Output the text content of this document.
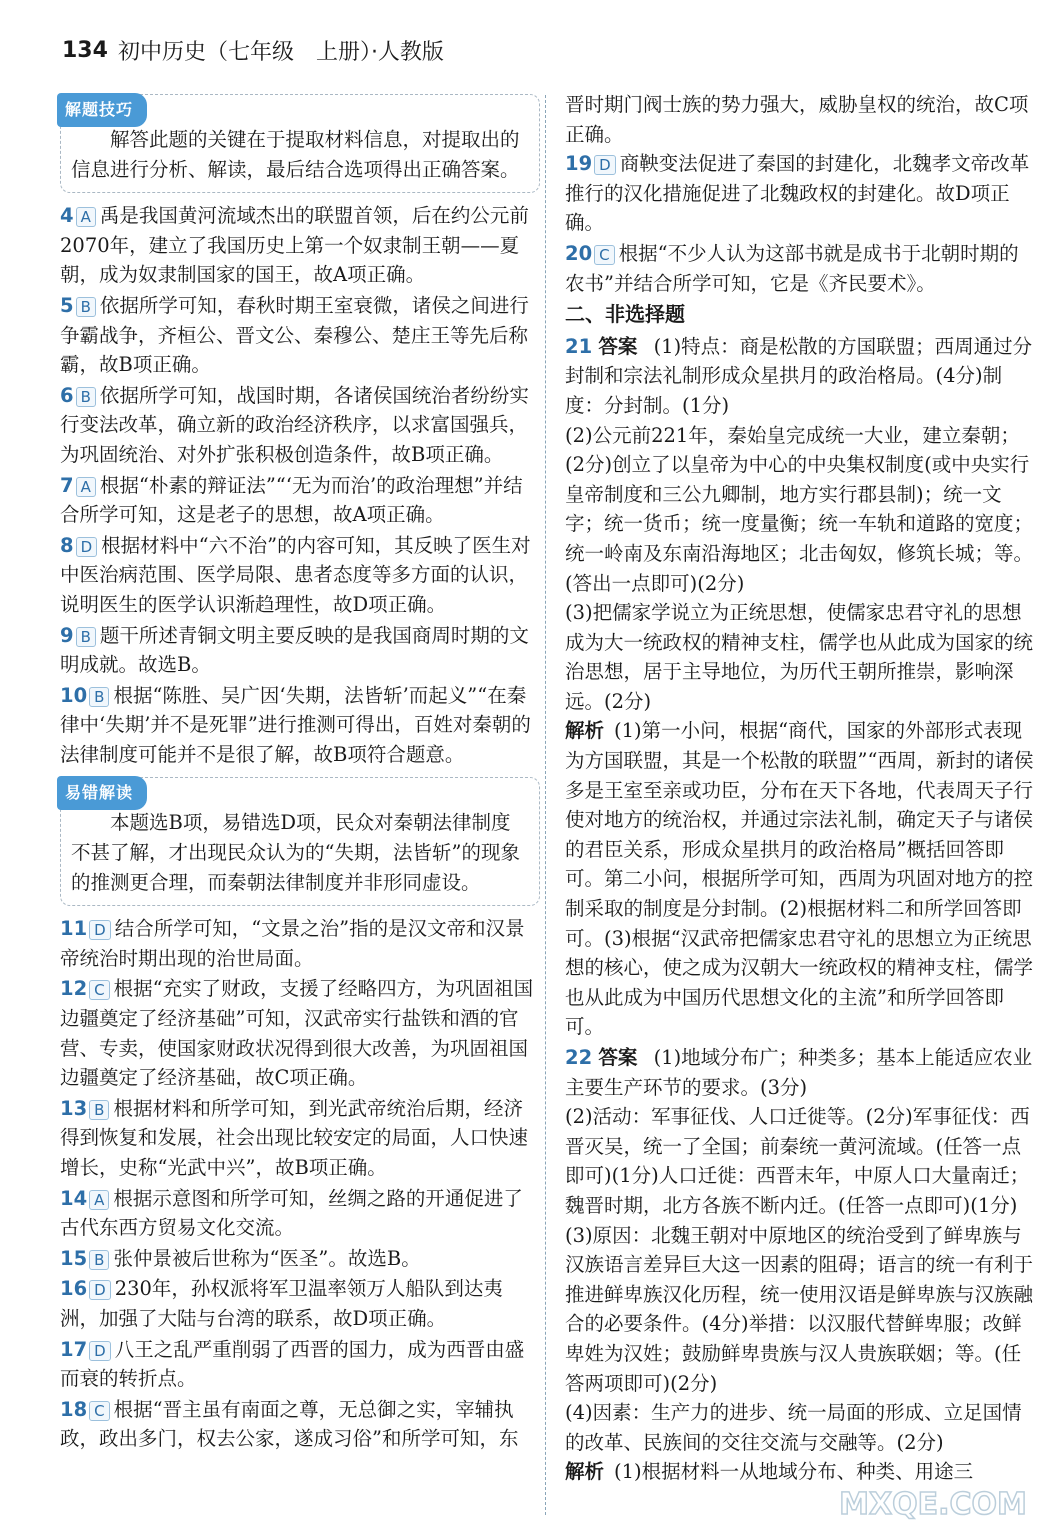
134 初中历史（七年级　上册）·人教版
解题技巧

解答此题的关键在于提取材料信息，对提取出的信息进行分析、解读，最后结合选项得出正确答案。

4 A 禹是我国黄河流域杰出的联盟首领，后在约公元前2070年，建立了我国历史上第一个奴隶制王朝——夏朝，成为奴隶制国家的国王，故A项正确。
5 B 依据所学可知，春秋时期王室衰微，诸侯之间进行争霸战争，齐桓公、晋文公、秦穆公、楚庄王等先后称霸，故B项正确。
6 B 依据所学可知，战国时期，各诸侯国统治者纷纷实行变法改革，确立新的政治经济秩序，以求富国强兵，为巩固统治、对外扩张积极创造条件，故B项正确。
7 A 根据“朴素的辩证法”“‘无为而治’的政治理想”并结合所学可知，这是老子的思想，故A项正确。
8 D 根据材料中“六不治”的内容可知，其反映了医生对中医治病范围、医学局限、患者态度等多方面的认识，说明医生的医学认识渐趋理性，故D项正确。
9 B 题干所述青铜文明主要反映的是我国商周时期的文明成就。故选B。
10 B 根据“陈胜、吴广因‘失期，法皆斩’而起义”“在秦律中‘失期’并不是死罪”进行推测可得出，百姓对秦朝的法律制度可能并不是很了解，故B项符合题意。
易错解读

本题选B项，易错选D项，民众对秦朝法律制度不甚了解，才出现民众认为的“失期，法皆斩”的现象的推测更合理，而秦朝法律制度并非形同虚设。

11 D 结合所学可知，“文景之治”指的是汉文帝和汉景帝统治时期出现的治世局面。
12 C 根据“充实了财政，支援了经略四方，为巩固祖国边疆奠定了经济基础”可知，汉武帝实行盐铁和酒的官营、专卖，使国家财政状况得到很大改善，为巩固祖国边疆奠定了经济基础，故C项正确。
13 B 根据材料和所学可知，到光武帝统治后期，经济得到恢复和发展，社会出现比较安定的局面，人口快速增长，史称“光武中兴”，故B项正确。
14 A 根据示意图和所学可知，丝绸之路的开通促进了古代东西方贸易文化交流。
15 B 张仲景被后世称为“医圣”。故选B。
16 D 230年，孙权派将军卫温率领万人船队到达夷洲，加强了大陆与台湾的联系，故D项正确。
17 D 八王之乱严重削弱了西晋的国力，成为西晋由盛而衰的转折点。
18 C 根据“晋主虽有南面之尊，无总御之实，宰辅执政，政出多门，权去公家，遂成习俗”和所学可知，东

晋时期门阀士族的势力强大，威胁皇权的统治，故C项正确。

19 D 商鞅变法促进了秦国的封建化，北魏孝文帝改革推行的汉化措施促进了北魏政权的封建化。故D项正确。
20 C 根据“不少人认为这部书就是成书于北朝时期的农书”并结合所学可知，它是《齐民要术》。
二、非选择题
21 答案 (1)特点：商是松散的方国联盟；西周通过分封制和宗法礼制形成众星拱月的政治格局。(4分)制度：分封制。(1分)

(2)公元前221年，秦始皇完成统一大业，建立秦朝；(2分)创立了以皇帝为中心的中央集权制度(或中央实行皇帝制度和三公九卿制，地方实行郡县制)；统一文字；统一货币；统一度量衡；统一车轨和道路的宽度；统一岭南及东南沿海地区；北击匈奴，修筑长城；等。(答出一点即可)(2分)

(3)把儒家学说立为正统思想，使儒家忠君守礼的思想成为大一统政权的精神支柱，儒学也从此成为国家的统治思想，居于主导地位，为历代王朝所推崇，影响深远。(2分)

解析 (1)第一小问，根据“商代，国家的外部形式表现为方国联盟，其是一个松散的联盟”“西周，新封的诸侯多是王室至亲或功臣，分布在天下各地，代表周天子行使对地方的统治权，并通过宗法礼制，确定天子与诸侯的君臣关系，形成众星拱月的政治格局”概括回答即可。第二小问，根据所学可知，西周为巩固对地方的控制采取的制度是分封制。(2)根据材料二和所学回答即可。(3)根据“汉武帝把儒家忠君守礼的思想立为正统思想的核心，使之成为汉朝大一统政权的精神支柱，儒学也从此成为中国历代思想文化的主流”和所学回答即可。

22 答案 (1)地域分布广；种类多；基本上能适应农业主要生产环节的要求。(3分)

(2)活动：军事征伐、人口迁徙等。(2分)军事征伐：西晋灭吴，统一了全国；前秦统一黄河流域。(任答一点即可)(1分)人口迁徙：西晋末年，中原人口大量南迁；魏晋时期，北方各族不断内迁。(任答一点即可)(1分)

(3)原因：北魏王朝对中原地区的统治受到了鲜卑族与汉族语言差异巨大这一因素的阻碍；语言的统一有利于推进鲜卑族汉化历程，统一使用汉语是鲜卑族与汉族融合的必要条件。(4分)举措：以汉服代替鲜卑服；改鲜卑姓为汉姓；鼓励鲜卑贵族与汉人贵族联姻；等。(任答两项即可)(2分)

(4)因素：生产力的进步、统一局面的形成、立足国情的改革、民族间的交往交流与交融等。(2分)

解析 (1)根据材料一从地域分布、种类、用途三

MXQE.COM
